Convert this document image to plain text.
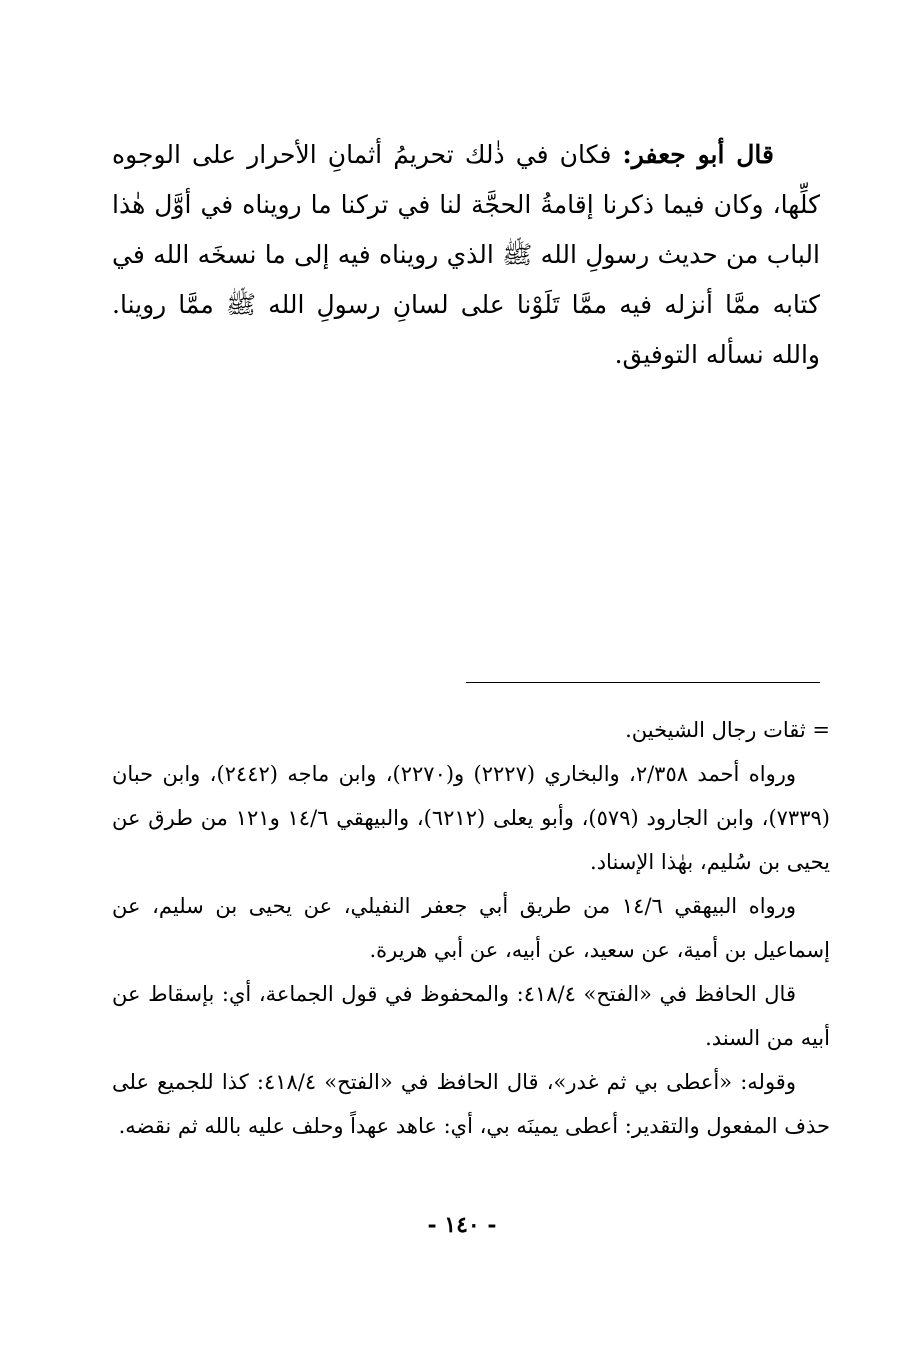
قال أبو جعفر: فكان في ذٰلك تحريمُ أثمانِ الأحرار على الوجوه كلِّها، وكان فيما ذكرنا إقامةُ الحجَّة لنا في تركنا ما رويناه في أوَّل هٰذا الباب من حديث رسولِ الله ﷺ الذي رويناه فيه إلى ما نسخَه الله في كتابه ممَّا أنزله فيه ممَّا تَلَوْنا على لسانِ رسولِ الله ﷺ ممَّا روينا. والله نسأله التوفيق.

= ثقات رجال الشيخين.

ورواه أحمد ٢/٣٥٨، والبخاري (٢٢٢٧) و(٢٢٧٠)، وابن ماجه (٢٤٤٢)، وابن حبان (٧٣٣٩)، وابن الجارود (٥٧٩)، وأبو يعلى (٦٢١٢)، والبيهقي ١٤/٦ و١٢١ من طرق عن يحيى بن سُليم، بهٰذا الإسناد.

ورواه البيهقي ١٤/٦ من طريق أبي جعفر النفيلي، عن يحيى بن سليم، عن إسماعيل بن أمية، عن سعيد، عن أبيه، عن أبي هريرة.

قال الحافظ في «الفتح» ٤١٨/٤: والمحفوظ في قول الجماعة، أي: بإسقاط عن أبيه من السند.

وقوله: «أعطى بي ثم غدر»، قال الحافظ في «الفتح» ٤١٨/٤: كذا للجميع على حذف المفعول والتقدير: أعطى يمينَه بي، أي: عاهد عهداً وحلف عليه بالله ثم نقضه.

- ١٤٠ -
